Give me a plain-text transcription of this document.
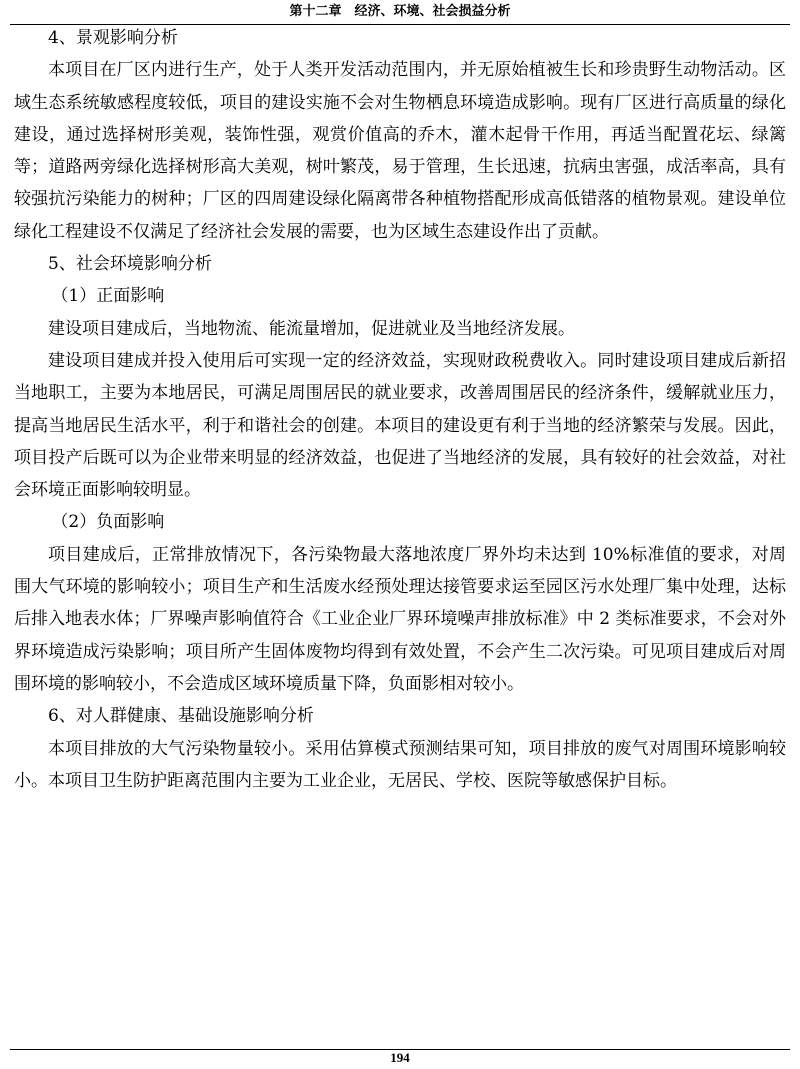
第十二章　经济、环境、社会损益分析

4、景观影响分析

本项目在厂区内进行生产，处于人类开发活动范围内，并无原始植被生长和珍贵野生动物活动。区域生态系统敏感程度较低，项目的建设实施不会对生物栖息环境造成影响。现有厂区进行高质量的绿化建设，通过选择树形美观，装饰性强，观赏价值高的乔木，灌木起骨干作用，再适当配置花坛、绿篱等；道路两旁绿化选择树形高大美观，树叶繁茂，易于管理，生长迅速，抗病虫害强，成活率高，具有较强抗污染能力的树种；厂区的四周建设绿化隔离带各种植物搭配形成高低错落的植物景观。建设单位绿化工程建设不仅满足了经济社会发展的需要，也为区域生态建设作出了贡献。

5、社会环境影响分析

（1）正面影响

建设项目建成后，当地物流、能流量增加，促进就业及当地经济发展。

建设项目建成并投入使用后可实现一定的经济效益，实现财政税费收入。同时建设项目建成后新招当地职工，主要为本地居民，可满足周围居民的就业要求，改善周围居民的经济条件，缓解就业压力，提高当地居民生活水平，利于和谐社会的创建。本项目的建设更有利于当地的经济繁荣与发展。因此，项目投产后既可以为企业带来明显的经济效益，也促进了当地经济的发展，具有较好的社会效益，对社会环境正面影响较明显。

（2）负面影响

项目建成后，正常排放情况下，各污染物最大落地浓度厂界外均未达到 10%标准值的要求，对周围大气环境的影响较小；项目生产和生活废水经预处理达接管要求运至园区污水处理厂集中处理，达标后排入地表水体；厂界噪声影响值符合《工业企业厂界环境噪声排放标准》中 2 类标准要求，不会对外界环境造成污染影响；项目所产生固体废物均得到有效处置，不会产生二次污染。可见项目建成后对周围环境的影响较小，不会造成区域环境质量下降，负面影相对较小。

6、对人群健康、基础设施影响分析

本项目排放的大气污染物量较小。采用估算模式预测结果可知，项目排放的废气对周围环境影响较小。本项目卫生防护距离范围内主要为工业企业，无居民、学校、医院等敏感保护目标。

194
